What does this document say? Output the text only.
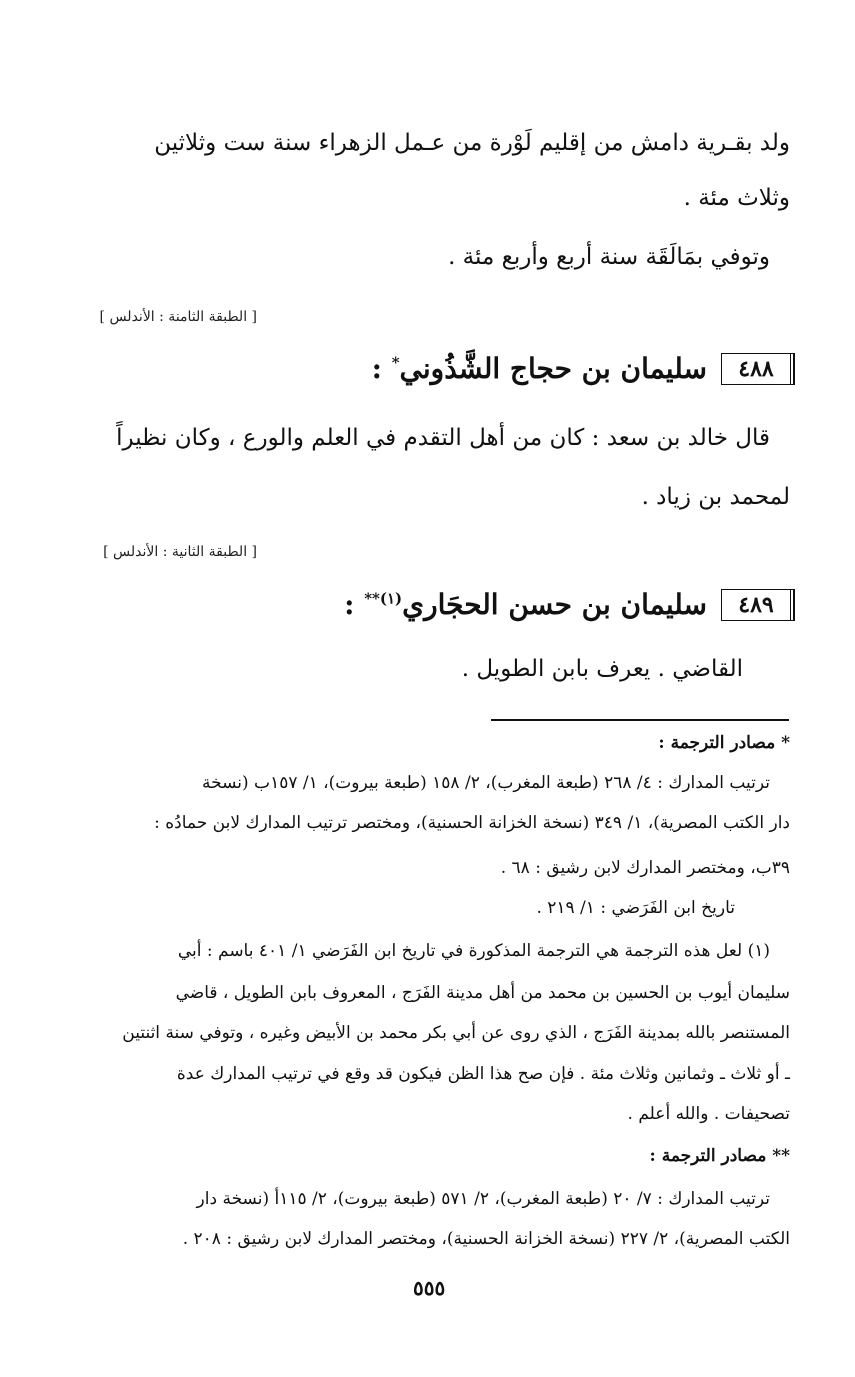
ولد بقـرية دامش من إقليم لَوْرة من عـمل الزهراء سنة ست وثلاثين
وثلاث مئة .
وتوفي بمَالَقَة سنة أربع وأربع مئة .
[ الطبقة الثامنة : الأندلس ]
٤٨٨
سليمان بن حجاج الشَّذُوني* :
قال خالد بن سعد : كان من أهل التقدم في العلم والورع ، وكان نظيراً
لمحمد بن زياد .
[ الطبقة الثانية : الأندلس ]
٤٨٩
سليمان بن حسن الحجَاري$^{(١)**}$ :
القاضي . يعرف بابن الطويل .
* مصادر الترجمة :
ترتيب المدارك : ٤/ ٢٦٨ (طبعة المغرب)، ٢/ ١٥٨ (طبعة بيروت)، ١/ ١٥٧ب (نسخة
دار الكتب المصرية)، ١/ ٣٤٩ (نسخة الخزانة الحسنية)، ومختصر ترتيب المدارك لابن حمادُه :
٣٩ب، ومختصر المدارك لابن رشيق : ٦٨ .
تاريخ ابن الفَرَضي : ١/ ٢١٩ .
(١) لعل هذه الترجمة هي الترجمة المذكورة في تاريخ ابن الفَرَضي ١/ ٤٠١ باسم : أبي
سليمان أيوب بن الحسين بن محمد من أهل مدينة الفَرَج ، المعروف بابن الطويل ، قاضي
المستنصر بالله بمدينة الفَرَج ، الذي روى عن أبي بكر محمد بن الأبيض وغيره ، وتوفي سنة اثنتين
ـ أو ثلاث ـ وثمانين وثلاث مئة . فإن صح هذا الظن فيكون قد وقع في ترتيب المدارك عدة
تصحيفات . والله أعلم .
** مصادر الترجمة :
ترتيب المدارك : ٧/ ٢٠ (طبعة المغرب)، ٢/ ٥٧١ (طبعة بيروت)، ٢/ ١١٥أ (نسخة دار
الكتب المصرية)، ٢/ ٢٢٧ (نسخة الخزانة الحسنية)، ومختصر المدارك لابن رشيق : ٢٠٨ .
٥٥٥
